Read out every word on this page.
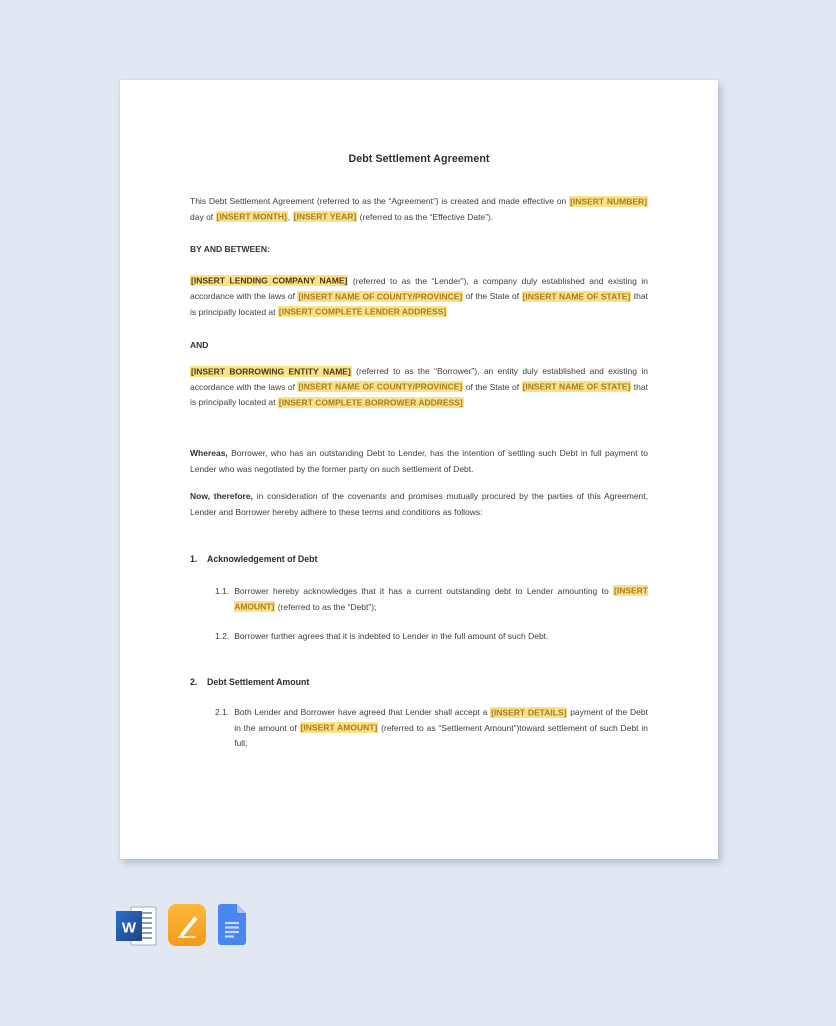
Debt Settlement Agreement

This Debt Settlement Agreement (referred to as the “Agreement”) is created and made effective on [INSERT NUMBER] day of [INSERT MONTH], [INSERT YEAR] (referred to as the “Effective Date”).

BY AND BETWEEN:

[INSERT LENDING COMPANY NAME] (referred to as the “Lender”), a company duly established and existing in accordance with the laws of [INSERT NAME OF COUNTY/PROVINCE] of the State of [INSERT NAME OF STATE] that is principally located at [INSERT COMPLETE LENDER ADDRESS]

AND

[INSERT BORROWING ENTITY NAME] (referred to as the “Borrower”), an entity duly established and existing in accordance with the laws of [INSERT NAME OF COUNTY/PROVINCE] of the State of [INSERT NAME OF STATE] that is principally located at [INSERT COMPLETE BORROWER ADDRESS]

Whereas, Borrower, who has an outstanding Debt to Lender, has the intention of settling such Debt in full payment to Lender who was negotiated by the former party on such settlement of Debt.

Now, therefore, in consideration of the covenants and promises mutually procured by the parties of this Agreement, Lender and Borrower hereby adhere to these terms and conditions as follows:

1.	Acknowledgement of Debt
1.1. Borrower hereby acknowledges that it has a current outstanding debt to Lender amounting to [INSERT AMOUNT] (referred to as the “Debt”);

1.2. Borrower further agrees that it is indebted to Lender in the full amount of such Debt.

2.	Debt Settlement Amount
2.1. Both Lender and Borrower have agreed that Lender shall accept a [INSERT DETAILS] payment of the Debt in the amount of [INSERT AMOUNT] (referred to as “Settlement Amount”)toward settlement of such Debt in full;

W
